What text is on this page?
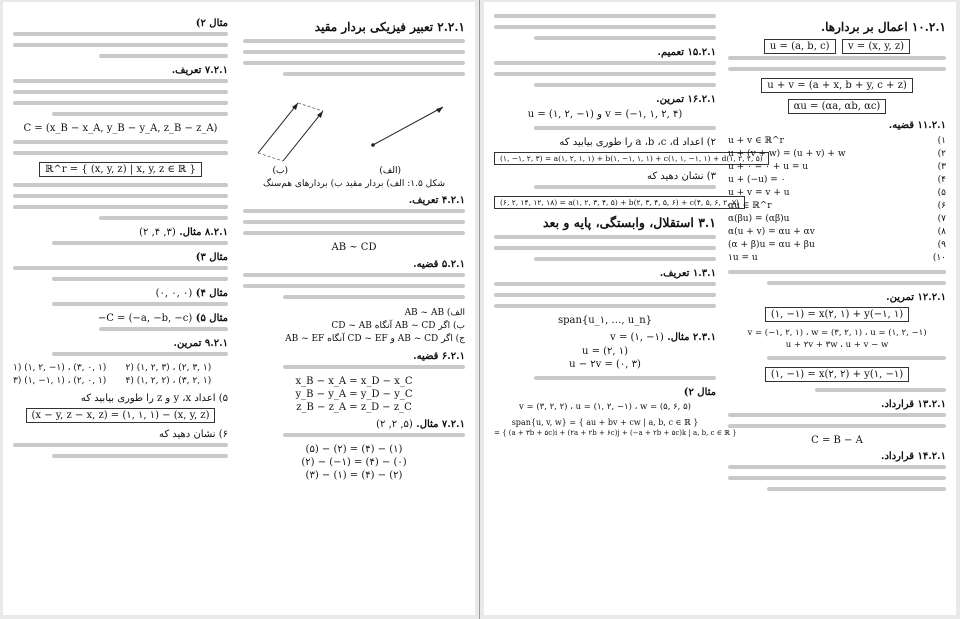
مثال ۲)
۷.۲.۱ تعریف.
C = (x_B − x_A, y_B − y_A, z_B − z_A)
ℝ^r = { (x, y, z) | x, y, z ∈ ℝ }
۸.۲.۱ مثال. (۳, ۴, ۲)
مثال ۳)
مثال ۴) (۰, ۰, ۰)
مثال ۵) −C = (−a, −b, −c)
۹.۲.۱ تمرین.
۱) (۱, ۲, −۱) ، (۳, ۰, ۱)	۲) (۱, ۲, ۳) ، (۲, ۳, ۱)
۳) (۱, −۱, ۱) ، (۲, ۰, ۱)	۴) (۱, ۲, ۲) ، (۳, ۲, ۱)
۵) اعداد y ،x و z را طوری بیابید که
(x − y, z − x, z) = (۱, ۱, ۱) − (x, y, z)
۶) نشان دهید که
۲.۲.۱ تعبیر فیزیکی بردار مقید
(ب)	(الف)
شکل ۱.۵: الف) بردار مقید ب) بردارهای هم‌سنگ
۴.۲.۱ تعریف.
AB ~ CD
۵.۲.۱ قضیه.
الف) AB ~ AB
ب) اگر AB ~ CD آنگاه CD ~ AB
ج) اگر AB ~ CD و CD ~ EF آنگاه AB ~ EF
۶.۲.۱ قضیه.
x_B − x_A = x_D − x_C
y_B − y_A = y_D − y_C
z_B − z_A = z_D − z_C
۷.۲.۱ مثال. (۵, ۲, ۲)
(۵) − (۲) = (۴) − (۱)
(۲) − (−۱) = (۴) − (۰)
(۳) − (۱) = (۴) − (۲)
۱۵.۲.۱ تعمیم.
۱۶.۲.۱ تمرین.
u = (۱, ۲, −۱) و v = (−۱, ۱, ۲, ۴)
۲) اعداد a ،b ،c ،d را طوری بیابید که
(۱, −۱, ۲, ۳) = a(۱, ۲, ۱, ۱) + b(۱, −۱, ۱, ۱) + c(۱, ۱, −۱, ۱) + d(۱, ۲, ۲, ۵)
۳) نشان دهید که
(۶, ۲, ۱۴, ۱۲, ۱۸) = a(۱, ۲, ۳, ۴, ۵) + b(۲, ۳, ۴, ۵, ۶) + c(۴, ۵, ۶, ۲, ۷)
۳.۱ استقلال، وابستگی، پایه و بعد
۱.۳.۱ تعریف.
span{u_۱, …, u_n}
۲.۳.۱ مثال. v = (۱, −۱)
u = (۲, ۱)
u − ۲v = (۰, ۳)
مثال ۲)
v = (۳, ۲, ۲) ، u = (۱, ۲, −۱) ، w = (۵, ۶, ۵)
span{u, v, w} = { au + bv + cw | a, b, c ∈ ℝ }
= { (a + ۳b + ۵c)i + (۲a + ۲b + ۶c)j + (−a + ۲b + ۵c)k | a, b, c ∈ ℝ }
۱۰.۲.۱ اعمال بر بردارها.
u = (a, b, c) v = (x, y, z)
u + v = (a + x, b + y, c + z)
αu = (αa, αb, αc)
۱۱.۲.۱ قضیه.
۱)
u + v ∈ ℝ^r
۲)
u + (v + w) = (u + v) + w
۳)
u + ۰ = ۰ + u = u
۴)
u + (−u) = ۰
۵)
u + v = v + u
۶)
αu ∈ ℝ^r
۷)
α(βu) = (αβ)u
۸)
α(u + v) = αu + αv
۹)
(α + β)u = αu + βu
۱۰)
۱u = u
۱۲.۲.۱ تمرین.
(۱, −۱) = x(۲, ۱) + y(−۱, ۱)
v = (−۱, ۲, ۱) ، w = (۳, ۲, ۱) ، u = (۱, ۲, −۱)
u + ۲v + ۳w ، u + v − w
(۱, −۱) = x(۲, ۲) + y(۱, −۱)
۱۳.۲.۱ قرارداد.
C = B − A
۱۴.۲.۱ قرارداد.
